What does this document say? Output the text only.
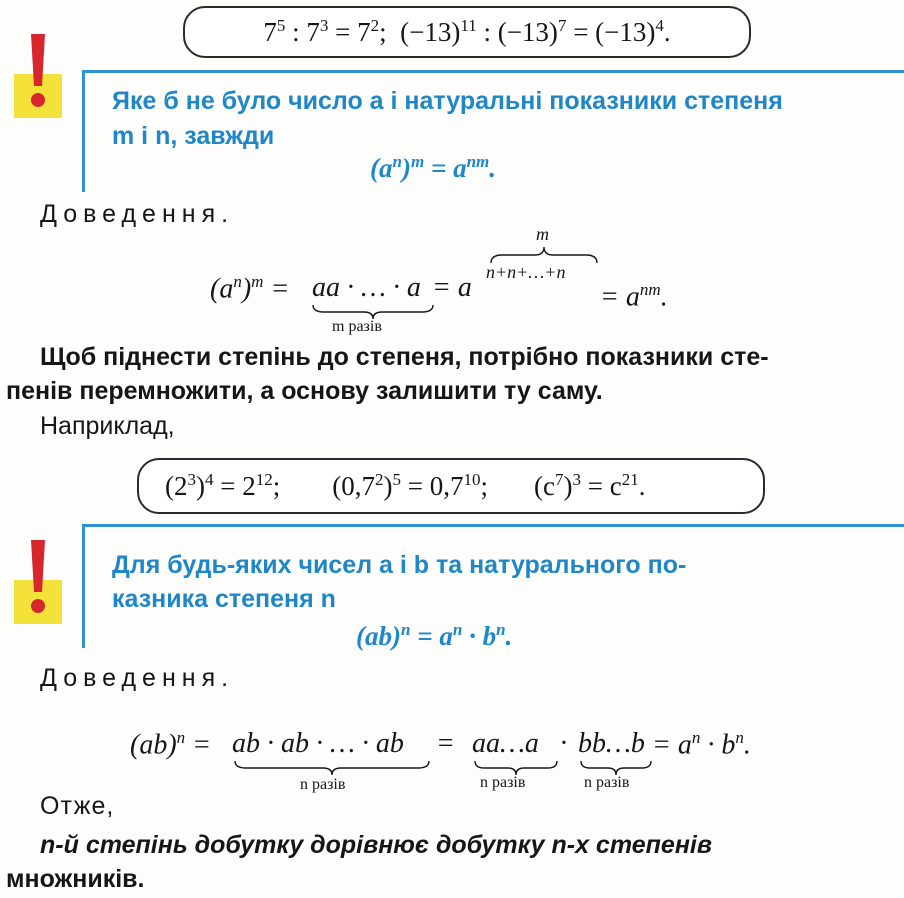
$7^5$ : $7^3 = 7^2$; $(-13)^{11}$ : $(-13)^7 = (-13)^4$.
Яке б не було число a і натуральні показники степеня
m і n, завжди
$(a^n)^m = a^{nm}$.
Доведення.
$(a^n)^m$ = aa · … · a
m разів
= a
m
n+n+…+n
= $a^{nm}$.
Щоб піднести степінь до степеня, потрібно показники сте-
пенів перемножити, а основу залишити ту саму.
Наприклад,
$(2^3)^4 = 2^{12}$; $(0,7^2)^5 = 0,7^{10}$; $(c^7)^3 = c^{21}$.
Для будь-яких чисел a і b та натурального по-
казника степеня n
$(ab)^n = a^n \cdot b^n$.
Доведення.
(ab)$^n$ = ab · ab · … · ab
n разів
= aa…a
n разів
· bb…b
n разів
= $a^n \cdot b^n$.
Отже,
n-й степінь добутку дорівнює добутку n-х степенів
множників.
